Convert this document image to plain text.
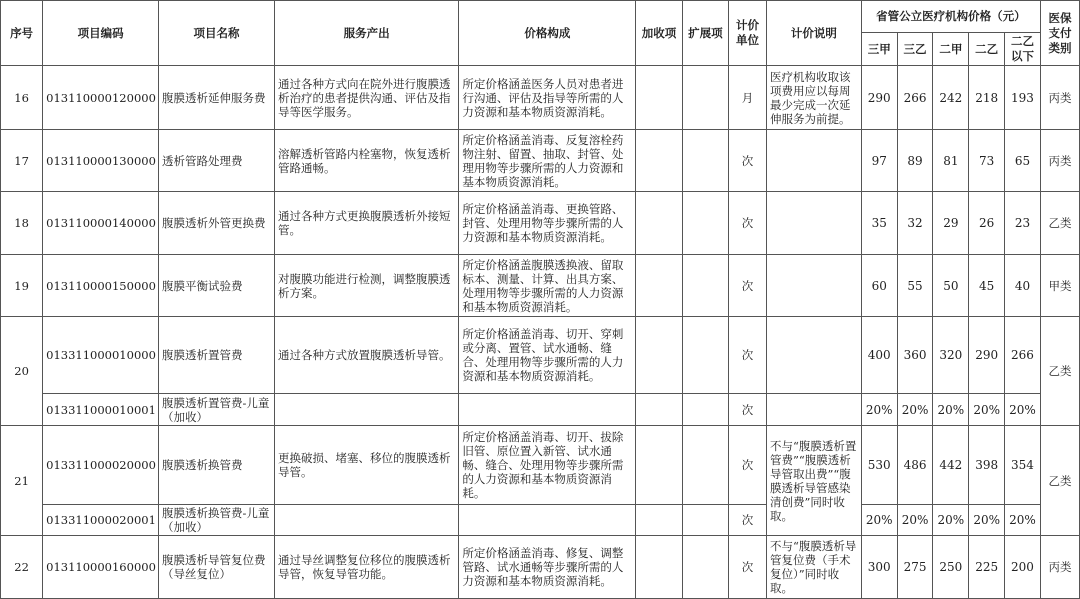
序号	项目编码	项目名称	服务产出	价格构成	加收项	扩展项	计价单位	计价说明	省管公立医疗机构价格（元）					医保支付类别
									三甲	三乙	二甲	二乙	二乙以下	
16	013110000120000	腹膜透析延伸服务费	通过各种方式向在院外进行腹膜透析治疗的患者提供沟通、评估及指导等医学服务。	所定价格涵盖医务人员对患者进行沟通、评估及指导等所需的人力资源和基本物质资源消耗。			月	医疗机构收取该项费用应以每周最少完成一次延伸服务为前提。	290	266	242	218	193	丙类
17	013110000130000	透析管路处理费	溶解透析管路内栓塞物，恢复透析管路通畅。	所定价格涵盖消毒、反复溶栓药物注射、留置、抽取、封管、处理用物等步骤所需的人力资源和基本物质资源消耗。			次		97	89	81	73	65	丙类
18	013110000140000	腹膜透析外管更换费	通过各种方式更换腹膜透析外接短管。	所定价格涵盖消毒、更换管路、封管、处理用物等步骤所需的人力资源和基本物质资源消耗。			次		35	32	29	26	23	乙类
19	013110000150000	腹膜平衡试验费	对腹膜功能进行检测，调整腹膜透析方案。	所定价格涵盖腹膜透换液、留取标本、测量、计算、出具方案、处理用物等步骤所需的人力资源和基本物质资源消耗。			次		60	55	50	45	40	甲类
20	013311000010000	腹膜透析置管费	通过各种方式放置腹膜透析导管。	所定价格涵盖消毒、切开、穿刺或分离、置管、试水通畅、缝合、处理用物等步骤所需的人力资源和基本物质资源消耗。			次		400	360	320	290	266	乙类
	013311000010001	腹膜透析置管费-儿童（加收）					次		20%	20%	20%	20%	20%	
21	013311000020000	腹膜透析换管费	更换破损、堵塞、移位的腹膜透析导管。	所定价格涵盖消毒、切开、拔除旧管、原位置入新管、试水通畅、缝合、处理用物等步骤所需的人力资源和基本物质资源消耗。			次	不与“腹膜透析置管费”“腹膜透析导管取出费”“腹膜透析导管感染清创费”同时收取。	530	486	442	398	354	乙类
	013311000020001	腹膜透析换管费-儿童（加收）					次		20%	20%	20%	20%	20%	
22	013110000160000	腹膜透析导管复位费（导丝复位）	通过导丝调整复位移位的腹膜透析导管，恢复导管功能。	所定价格涵盖消毒、修复、调整管路、试水通畅等步骤所需的人力资源和基本物质资源消耗。			次	不与“腹膜透析导管复位费（手术复位）”同时收取。	300	275	250	225	200	丙类
